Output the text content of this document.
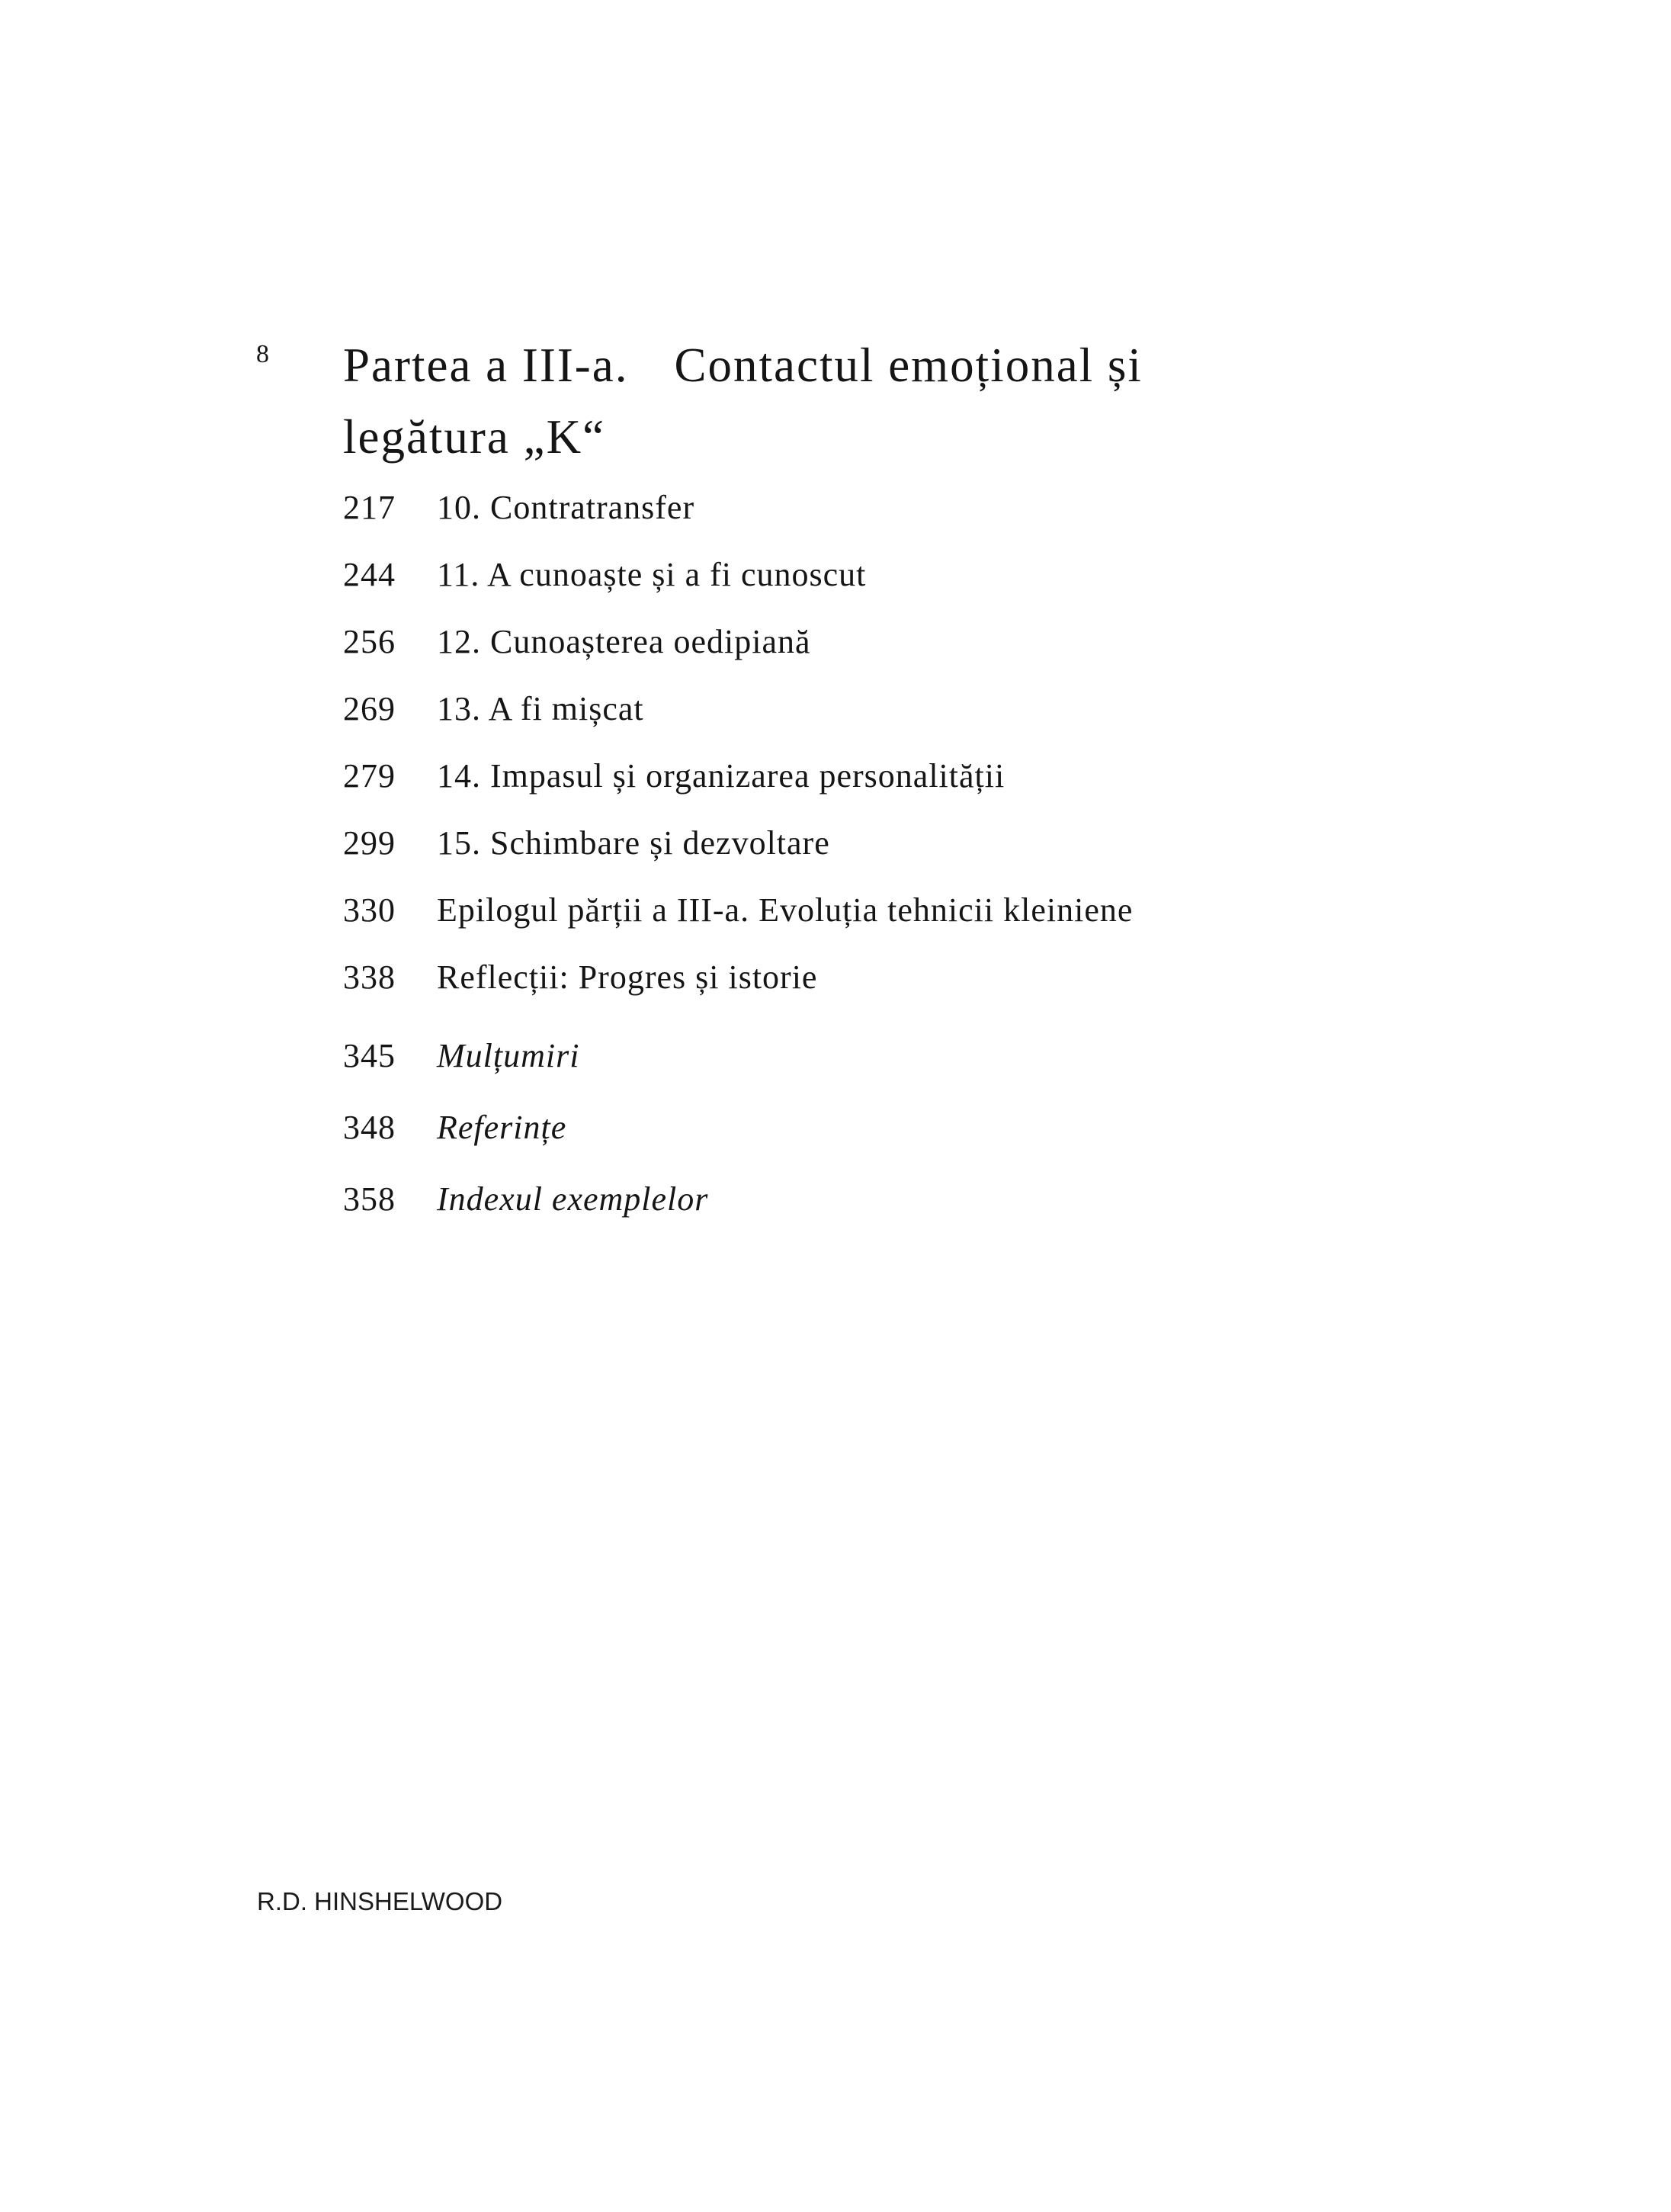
8 Partea a III-a. Contactul emoțional și
legătura „K“
217	10. Contratransfer
244	11. A cunoaște și a fi cunoscut
256	12. Cunoașterea oedipiană
269	13. A fi mișcat
279	14. Impasul și organizarea personalității
299	15. Schimbare și dezvoltare
330	Epilogul părții a III-a. Evoluția tehnicii kleiniene
338	Reflecții: Progres și istorie
345	Mulțumiri
348	Referințe
358	Indexul exemplelor
R.D. HINSHELWOOD
